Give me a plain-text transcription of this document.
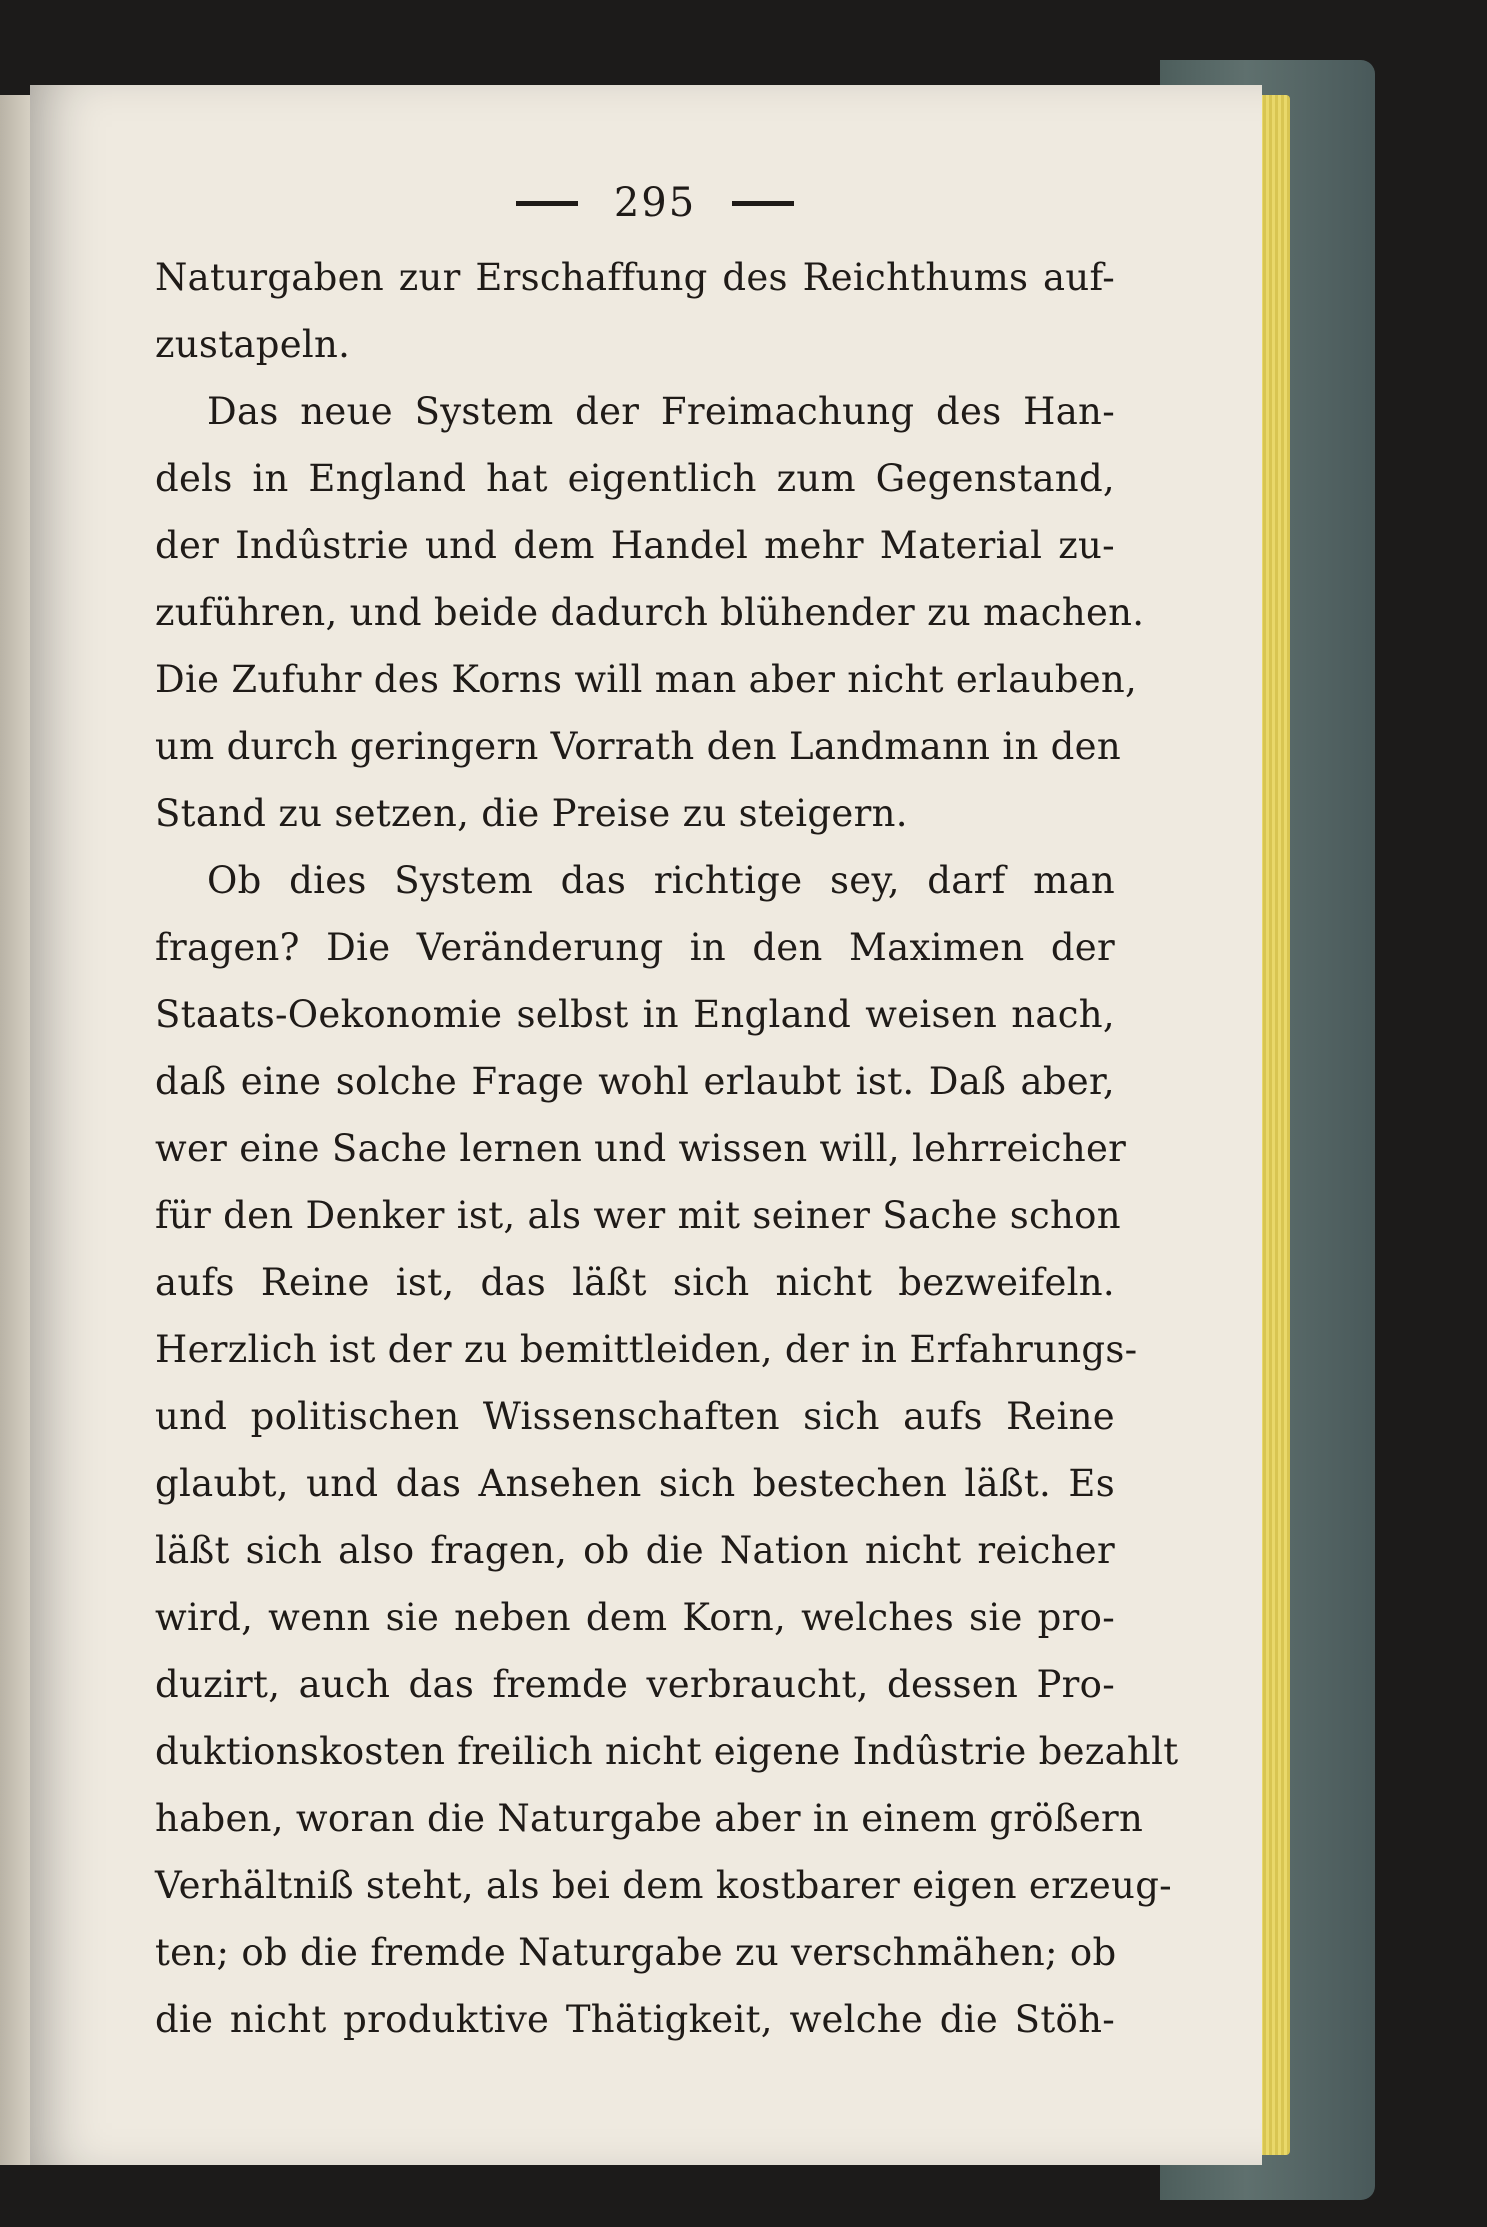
295
Naturgaben zur Erschaffung des Reichthums auf-
zustapeln.
Das neue System der Freimachung des Han-
dels in England hat eigentlich zum Gegenstand,
der Indûstrie und dem Handel mehr Material zu-
zuführen, und beide dadurch blühender zu machen.
Die Zufuhr des Korns will man aber nicht erlauben,
um durch geringern Vorrath den Landmann in den
Stand zu setzen, die Preise zu steigern.
Ob dies System das richtige sey, darf man
fragen? Die Veränderung in den Maximen der
Staats-Oekonomie selbst in England weisen nach,
daß eine solche Frage wohl erlaubt ist. Daß aber,
wer eine Sache lernen und wissen will, lehrreicher
für den Denker ist, als wer mit seiner Sache schon
aufs Reine ist, das läßt sich nicht bezweifeln.
Herzlich ist der zu bemittleiden, der in Erfahrungs-
und politischen Wissenschaften sich aufs Reine
glaubt, und das Ansehen sich bestechen läßt. Es
läßt sich also fragen, ob die Nation nicht reicher
wird, wenn sie neben dem Korn, welches sie pro-
duzirt, auch das fremde verbraucht, dessen Pro-
duktionskosten freilich nicht eigene Indûstrie bezahlt
haben, woran die Naturgabe aber in einem größern
Verhältniß steht, als bei dem kostbarer eigen erzeug-
ten; ob die fremde Naturgabe zu verschmähen; ob
die nicht produktive Thätigkeit, welche die Stöh-
